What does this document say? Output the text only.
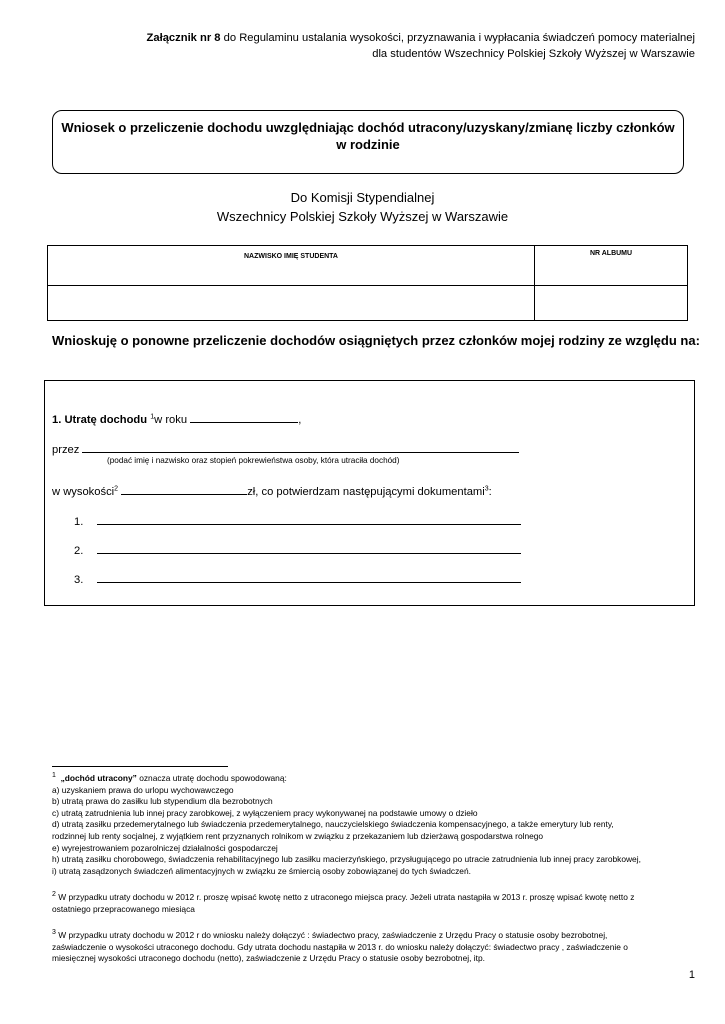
Załącznik nr 8 do Regulaminu ustalania wysokości, przyznawania i wypłacania świadczeń pomocy materialnej
dla studentów Wszechnicy Polskiej Szkoły Wyższej w Warszawie
Wniosek o przeliczenie dochodu uwzględniając dochód utracony/uzyskany/zmianę liczby członków
w rodzinie
Do Komisji Stypendialnej
Wszechnicy Polskiej Szkoły Wyższej w Warszawie
NAZWISKO IMIĘ STUDENTA	NR ALBUMU

Wnioskuję o ponowne przeliczenie dochodów osiągniętych przez członków mojej rodziny ze względu na:
1. Utratę dochodu $^1$w roku	,
przez
(podać imię i nazwisko oraz stopień pokrewieństwa osoby, która utraciła dochód)
w wysokości$^2$	zł, co potwierdzam następującymi dokumentami$^3$:
1.
2.
3.
$^1$ „dochód utracony” oznacza utratę dochodu spowodowaną:
a) uzyskaniem prawa do urlopu wychowawczego
b) utratą prawa do zasiłku lub stypendium dla bezrobotnych
c) utratą zatrudnienia lub innej pracy zarobkowej, z wyłączeniem pracy wykonywanej na podstawie umowy o dzieło
d) utratą zasiłku przedemerytalnego lub świadczenia przedemerytalnego, nauczycielskiego świadczenia kompensacyjnego, a także emerytury lub renty,
rodzinnej lub renty socjalnej, z wyjątkiem rent przyznanych rolnikom w związku z przekazaniem lub dzierżawą gospodarstwa rolnego
e) wyrejestrowaniem pozarolniczej działalności gospodarczej
h) utratą zasiłku chorobowego, świadczenia rehabilitacyjnego lub zasiłku macierzyńskiego, przysługującego po utracie zatrudnienia lub innej pracy zarobkowej,
i) utratą zasądzonych świadczeń alimentacyjnych w związku ze śmiercią osoby zobowiązanej do tych świadczeń.
$^2$ W przypadku utraty dochodu w 2012 r. proszę wpisać kwotę netto z utraconego miejsca pracy. Jeżeli utrata nastąpiła w 2013 r. proszę wpisać kwotę netto z
ostatniego przepracowanego miesiąca
$^3$ W przypadku utraty dochodu w 2012 r do wniosku należy dołączyć : świadectwo pracy, zaświadczenie z Urzędu Pracy o statusie osoby bezrobotnej,
zaświadczenie o wysokości utraconego dochodu. Gdy utrata dochodu nastąpiła w 2013 r. do wniosku należy dołączyć: świadectwo pracy , zaświadczenie o
miesięcznej wysokości utraconego dochodu (netto), zaświadczenie z Urzędu Pracy o statusie osoby bezrobotnej, itp.
1
